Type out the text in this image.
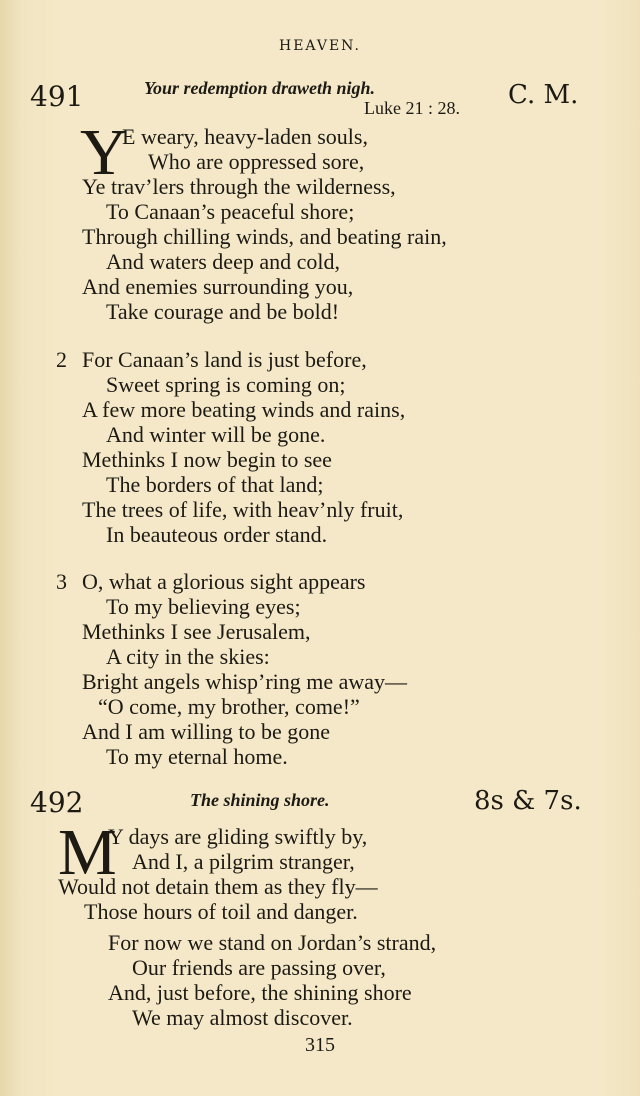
HEAVEN.
491	Your redemption draweth nigh.
Luke 21 : 28. C. M.
Y
E weary, heavy-laden souls,
Who are oppressed sore,
Ye trav’lers through the wilderness,
To Canaan’s peaceful shore;
Through chilling winds, and beating rain,
And waters deep and cold,
And enemies surrounding you,
Take courage and be bold!
2 For Canaan’s land is just before,
Sweet spring is coming on;
A few more beating winds and rains,
And winter will be gone.
Methinks I now begin to see
The borders of that land;
The trees of life, with heav’nly fruit,
In beauteous order stand.
3 O, what a glorious sight appears
To my believing eyes;
Methinks I see Jerusalem,
A city in the skies:
Bright angels whisp’ring me away—
“O come, my brother, come!”
And I am willing to be gone
To my eternal home.
492	The shining shore.	8s & 7s.
M
Y days are gliding swiftly by,
And I, a pilgrim stranger,
Would not detain them as they fly—
Those hours of toil and danger.
For now we stand on Jordan’s strand,
Our friends are passing over,
And, just before, the shining shore
We may almost discover.
315
